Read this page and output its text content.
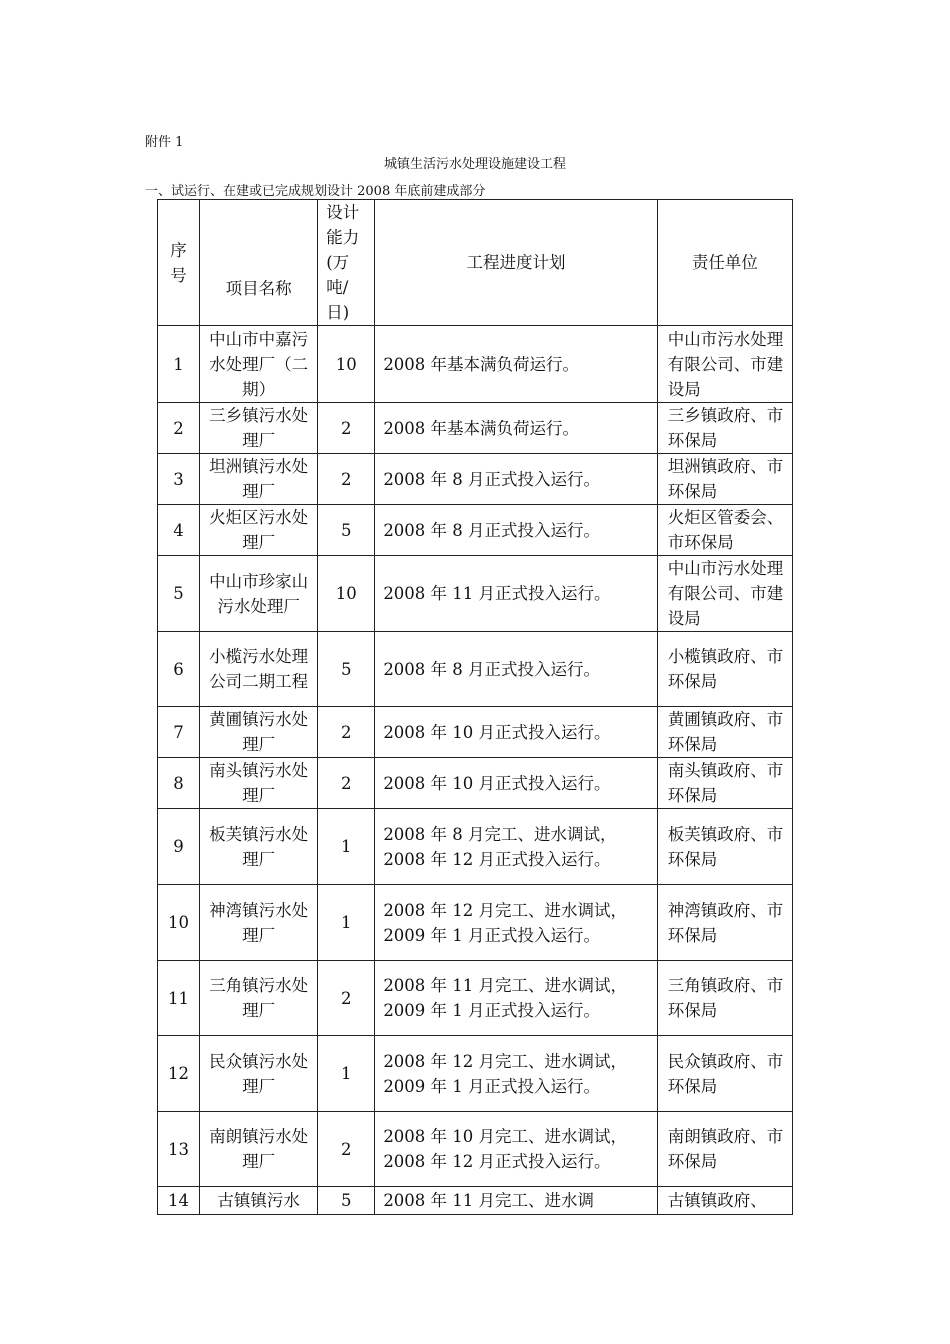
附件 1
城镇生活污水处理设施建设工程
一、试运行、在建或已完成规划设计 2008 年底前建成部分
序号	项目名称	设计能力(万吨/日)	工程进度计划	责任单位
1	中山市中嘉污水处理厂（二期）	10	2008 年基本满负荷运行。	中山市污水处理有限公司、市建设局
2	三乡镇污水处理厂	2	2008 年基本满负荷运行。	三乡镇政府、市环保局
3	坦洲镇污水处理厂	2	2008 年 8 月正式投入运行。	坦洲镇政府、市环保局
4	火炬区污水处理厂	5	2008 年 8 月正式投入运行。	火炬区管委会、市环保局
5	中山市珍家山污水处理厂	10	2008 年 11 月正式投入运行。	中山市污水处理有限公司、市建设局
6	小榄污水处理公司二期工程	5	2008 年 8 月正式投入运行。	小榄镇政府、市环保局
7	黄圃镇污水处理厂	2	2008 年 10 月正式投入运行。	黄圃镇政府、市环保局
8	南头镇污水处理厂	2	2008 年 10 月正式投入运行。	南头镇政府、市环保局
9	板芙镇污水处理厂	1	2008 年 8 月完工、进水调试，2008 年 12 月正式投入运行。	板芙镇政府、市环保局
10	神湾镇污水处理厂	1	2008 年 12 月完工、进水调试，2009 年 1 月正式投入运行。	神湾镇政府、市环保局
11	三角镇污水处理厂	2	2008 年 11 月完工、进水调试，2009 年 1 月正式投入运行。	三角镇政府、市环保局
12	民众镇污水处理厂	1	2008 年 12 月完工、进水调试，2009 年 1 月正式投入运行。	民众镇政府、市环保局
13	南朗镇污水处理厂	2	2008 年 10 月完工、进水调试，2008 年 12 月正式投入运行。	南朗镇政府、市环保局
14	古镇镇污水	5	2008 年 11 月完工、进水调	古镇镇政府、
